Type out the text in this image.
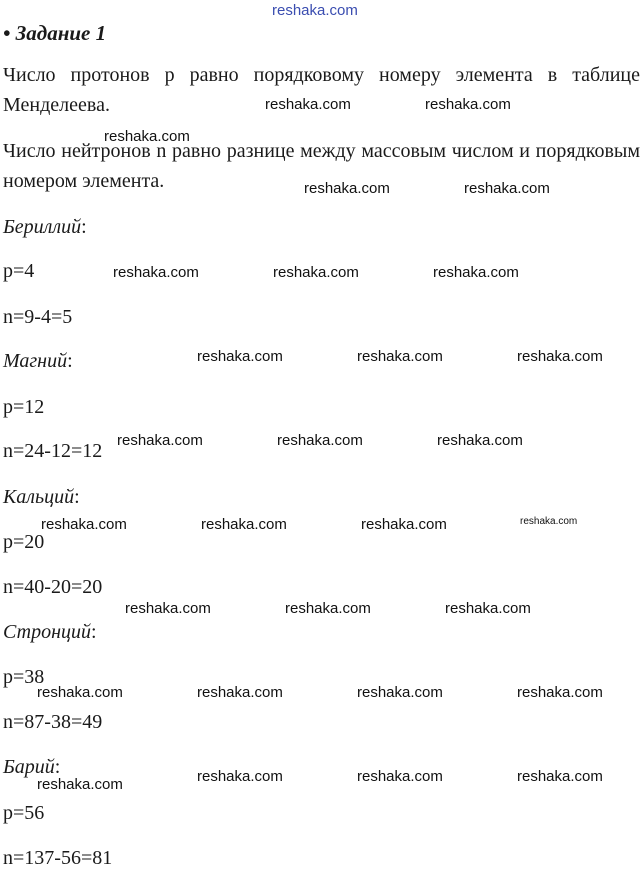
reshaka.com
• Задание 1
Число протонов p равно порядковому номеру элемента в таблице Менделеева.
Число нейтронов n равно разнице между массовым числом и порядковым номером элемента.
Бериллий:
p=4
n=9-4=5
Магний:
p=12
n=24-12=12
Кальций:
p=20
n=40-20=20
Стронций:
p=38
n=87-38=49
Барий:
p=56
n=137-56=81
reshaka.com	reshaka.com
reshaka.com
reshaka.com	reshaka.com
reshaka.com	reshaka.com	reshaka.com
reshaka.com	reshaka.com	reshaka.com
reshaka.com	reshaka.com	reshaka.com
reshaka.com	reshaka.com	reshaka.com	reshaka.com
reshaka.com	reshaka.com	reshaka.com
reshaka.com	reshaka.com	reshaka.com	reshaka.com
reshaka.com	reshaka.com	reshaka.com	reshaka.com
